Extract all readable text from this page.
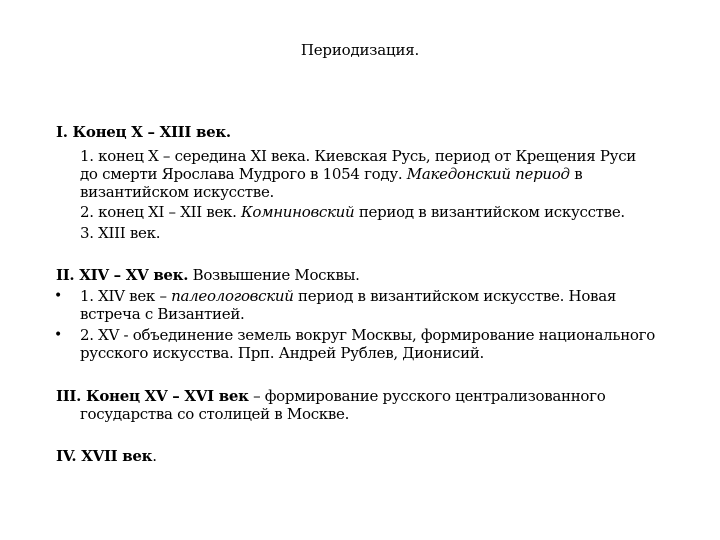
Периодизация.
I. Конец X – XIII век.
1. конец X – середина XI века. Киевская Русь, период от Крещения Руси
до смерти Ярослава Мудрого в 1054 году. Македонский период в
византийском искусстве.
2. конец XI – XII век. Комниновский период в византийском искусстве.
3. XIII век.
II. XIV – XV век. Возвышение Москвы.
• 1. XIV век – палеологовский период в византийском искусстве. Новая
встреча с Византией.
• 2. XV - объединение земель вокруг Москвы, формирование национального
русского искусства. Прп. Андрей Рублев, Дионисий.
III. Конец XV – XVI век – формирование русского централизованного
государства со столицей в Москве.
IV. XVII век.
